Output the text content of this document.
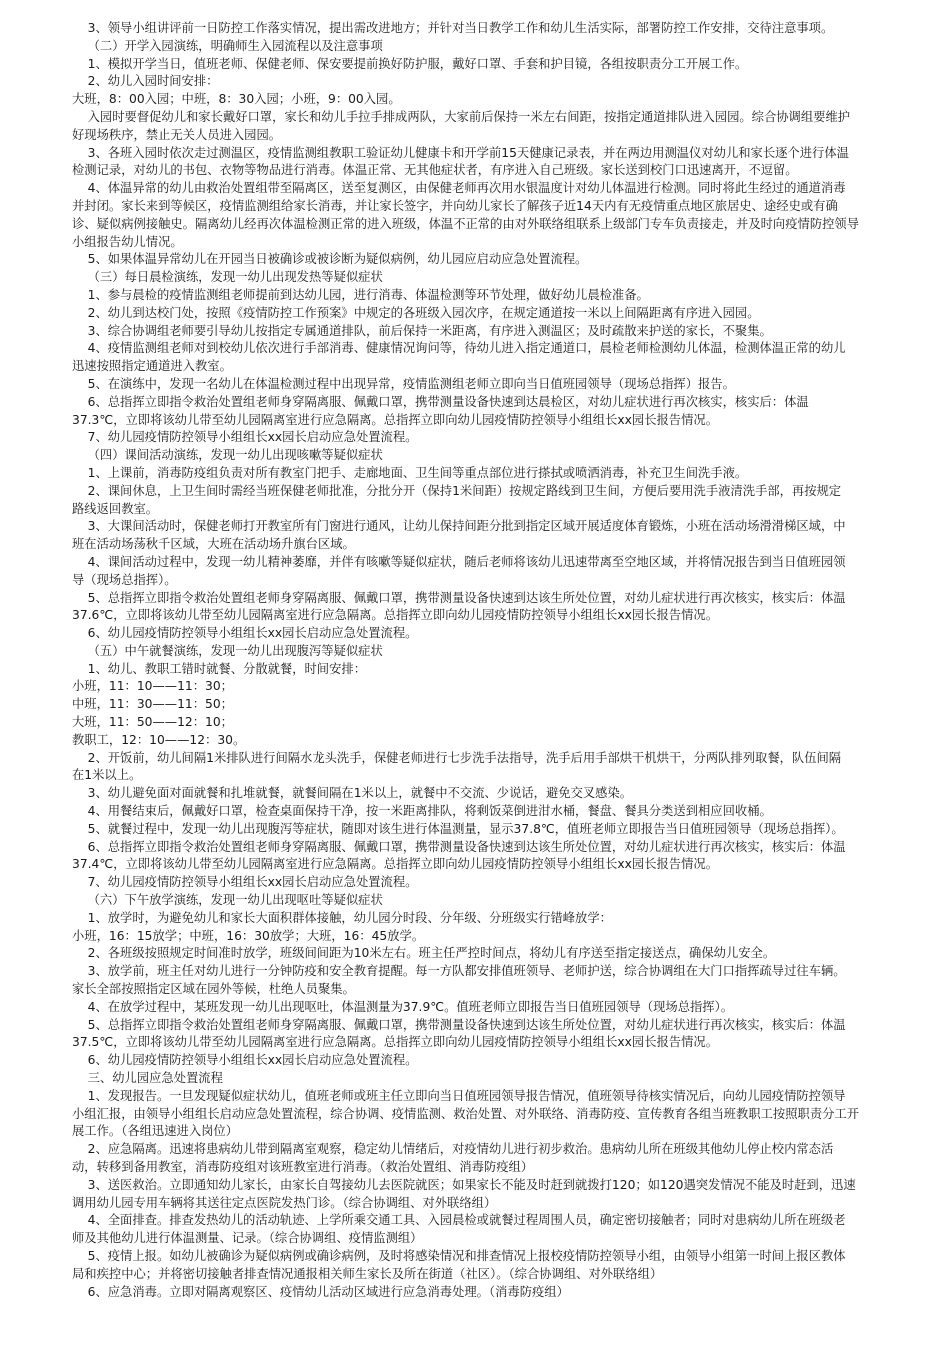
3、领导小组讲评前一日防控工作落实情况，提出需改进地方；并针对当日教学工作和幼儿生活实际，部署防控工作安排，交待注意事项。
（二）开学入园演练，明确师生入园流程以及注意事项
1、模拟开学当日，值班老师、保健老师、保安要提前换好防护服，戴好口罩、手套和护目镜，各组按职责分工开展工作。
2、幼儿入园时间安排：
大班，8：00入园；中班，8：30入园；小班，9：00入园。
入园时要督促幼儿和家长戴好口罩，家长和幼儿手拉手排成两队，大家前后保持一米左右间距，按指定通道排队进入园园。综合协调组要维护
好现场秩序，禁止无关人员进入园园。
3、各班入园时依次走过测温区，疫情监测组教职工验证幼儿健康卡和开学前15天健康记录表，并在两边用测温仪对幼儿和家长逐个进行体温
检测记录，对幼儿的书包、衣物等物品进行消毒。体温正常、无其他症状者，有序进入自己班级。家长送到校门口迅速离开，不逗留。
4、体温异常的幼儿由救治处置组带至隔离区，送至复测区，由保健老师再次用水银温度计对幼儿体温进行检测。同时将此生经过的通道消毒
并封闭。家长来到等候区，疫情监测组给家长消毒，并让家长签字，并向幼儿家长了解孩子近14天内有无疫情重点地区旅居史、途经史或有确
诊、疑似病例接触史。隔离幼儿经再次体温检测正常的进入班级，体温不正常的由对外联络组联系上级部门专车负责接走，并及时向疫情防控领导
小组报告幼儿情况。
5、如果体温异常幼儿在开园当日被确诊或被诊断为疑似病例，幼儿园应启动应急处置流程。
（三）每日晨检演练，发现一幼儿出现发热等疑似症状
1、参与晨检的疫情监测组老师提前到达幼儿园，进行消毒、体温检测等环节处理，做好幼儿晨检准备。
2、幼儿到达校门处，按照《疫情防控工作预案》中规定的各班级入园次序，在规定通道按一米以上间隔距离有序进入园园。
3、综合协调组老师要引导幼儿按指定专属通道排队，前后保持一米距离，有序进入测温区；及时疏散来护送的家长，不聚集。
4、疫情监测组老师对到校幼儿依次进行手部消毒、健康情况询问等，待幼儿进入指定通道口，晨检老师检测幼儿体温，检测体温正常的幼儿
迅速按照指定通道进入教室。
5、在演练中，发现一名幼儿在体温检测过程中出现异常，疫情监测组老师立即向当日值班园领导（现场总指挥）报告。
6、总指挥立即指令救治处置组老师身穿隔离服、佩戴口罩，携带测量设备快速到达晨检区，对幼儿症状进行再次核实，核实后：体温
37.3℃，立即将该幼儿带至幼儿园隔离室进行应急隔离。总指挥立即向幼儿园疫情防控领导小组组长xx园长报告情况。
7、幼儿园疫情防控领导小组组长xx园长启动应急处置流程。
（四）课间活动演练，发现一幼儿出现咳嗽等疑似症状
1、上课前，消毒防疫组负责对所有教室门把手、走廊地面、卫生间等重点部位进行搽拭或喷洒消毒，补充卫生间洗手液。
2、课间休息，上卫生间时需经当班保健老师批准，分批分开（保持1米间距）按规定路线到卫生间，方便后要用洗手液清洗手部，再按规定
路线返回教室。
3、大课间活动时，保健老师打开教室所有门窗进行通风，让幼儿保持间距分批到指定区域开展适度体育锻炼，小班在活动场滑滑梯区域，中
班在活动场荡秋千区域，大班在活动场升旗台区域。
4、课间活动过程中，发现一幼儿精神萎靡，并伴有咳嗽等疑似症状，随后老师将该幼儿迅速带离至空地区域，并将情况报告到当日值班园领
导（现场总指挥）。
5、总指挥立即指令救治处置组老师身穿隔离服、佩戴口罩，携带测量设备快速到达该生所处位置，对幼儿症状进行再次核实，核实后：体温
37.6℃，立即将该幼儿带至幼儿园隔离室进行应急隔离。总指挥立即向幼儿园疫情防控领导小组组长xx园长报告情况。
6、幼儿园疫情防控领导小组组长xx园长启动应急处置流程。
（五）中午就餐演练，发现一幼儿出现腹泻等疑似症状
1、幼儿、教职工错时就餐、分散就餐，时间安排：
小班，11：10——11：30；
中班，11：30——11：50；
大班，11：50——12：10；
教职工，12：10——12：30。
2、开饭前，幼儿间隔1米排队进行间隔水龙头洗手，保健老师进行七步洗手法指导，洗手后用手部烘干机烘干，分两队排列取餐，队伍间隔
在1米以上。
3、幼儿避免面对面就餐和扎堆就餐，就餐间隔在1米以上，就餐中不交流、少说话，避免交叉感染。
4、用餐结束后，佩戴好口罩，检查桌面保持干净，按一米距离排队，将剩饭菜倒进泔水桶，餐盘、餐具分类送到相应回收桶。
5、就餐过程中，发现一幼儿出现腹泻等症状，随即对该生进行体温测量，显示37.8℃，值班老师立即报告当日值班园领导（现场总指挥）。
6、总指挥立即指令救治处置组老师身穿隔离服、佩戴口罩，携带测量设备快速到达该生所处位置，对幼儿症状进行再次核实，核实后：体温
37.4℃，立即将该幼儿带至幼儿园隔离室进行应急隔离。总指挥立即向幼儿园疫情防控领导小组组长xx园长报告情况。
7、幼儿园疫情防控领导小组组长xx园长启动应急处置流程。
（六）下午放学演练，发现一幼儿出现呕吐等疑似症状
1、放学时，为避免幼儿和家长大面积群体接触，幼儿园分时段、分年级、分班级实行错峰放学：
小班，16：15放学；中班，16：30放学；大班，16：45放学。
2、各班级按照规定时间准时放学，班级间间距为10米左右。班主任严控时间点，将幼儿有序送至指定接送点，确保幼儿安全。
3、放学前，班主任对幼儿进行一分钟防疫和安全教育提醒。每一方队都安排值班领导、老师护送，综合协调组在大门口指挥疏导过往车辆。
家长全部按照指定区域在园外等候，杜绝人员聚集。
4、在放学过程中，某班发现一幼儿出现呕吐，体温测量为37.9℃。值班老师立即报告当日值班园领导（现场总指挥）。
5、总指挥立即指令救治处置组老师身穿隔离服、佩戴口罩，携带测量设备快速到达该生所处位置，对幼儿症状进行再次核实，核实后：体温
37.5℃，立即将该幼儿带至幼儿园隔离室进行应急隔离。总指挥立即向幼儿园疫情防控领导小组组长xx园长报告情况。
6、幼儿园疫情防控领导小组组长xx园长启动应急处置流程。
三、幼儿园应急处置流程
1、发现报告。一旦发现疑似症状幼儿，值班老师或班主任立即向当日值班园领导报告情况，值班领导待核实情况后，向幼儿园疫情防控领导
小组汇报，由领导小组组长启动应急处置流程，综合协调、疫情监测、救治处置、对外联络、消毒防疫、宣传教育各组当班教职工按照职责分工开
展工作。（各组迅速进入岗位）
2、应急隔离。迅速将患病幼儿带到隔离室观察，稳定幼儿情绪后，对疫情幼儿进行初步救治。患病幼儿所在班级其他幼儿停止校内常态活
动，转移到备用教室，消毒防疫组对该班教室进行消毒。（救治处置组、消毒防疫组）
3、送医救治。立即通知幼儿家长，由家长自驾接幼儿去医院就医；如果家长不能及时赶到就拨打120；如120遇突发情况不能及时赶到，迅速
调用幼儿园专用车辆将其送往定点医院发热门诊。（综合协调组、对外联络组）
4、全面排查。排查发热幼儿的活动轨迹、上学所乘交通工具、入园晨检或就餐过程周围人员，确定密切接触者；同时对患病幼儿所在班级老
师及其他幼儿进行体温测量、记录。（综合协调组、疫情监测组）
5、疫情上报。如幼儿被确诊为疑似病例或确诊病例，及时将感染情况和排查情况上报校疫情防控领导小组，由领导小组第一时间上报区教体
局和疾控中心；并将密切接触者排查情况通报相关师生家长及所在街道（社区）。（综合协调组、对外联络组）
6、应急消毒。立即对隔离观察区、疫情幼儿活动区域进行应急消毒处理。（消毒防疫组）
